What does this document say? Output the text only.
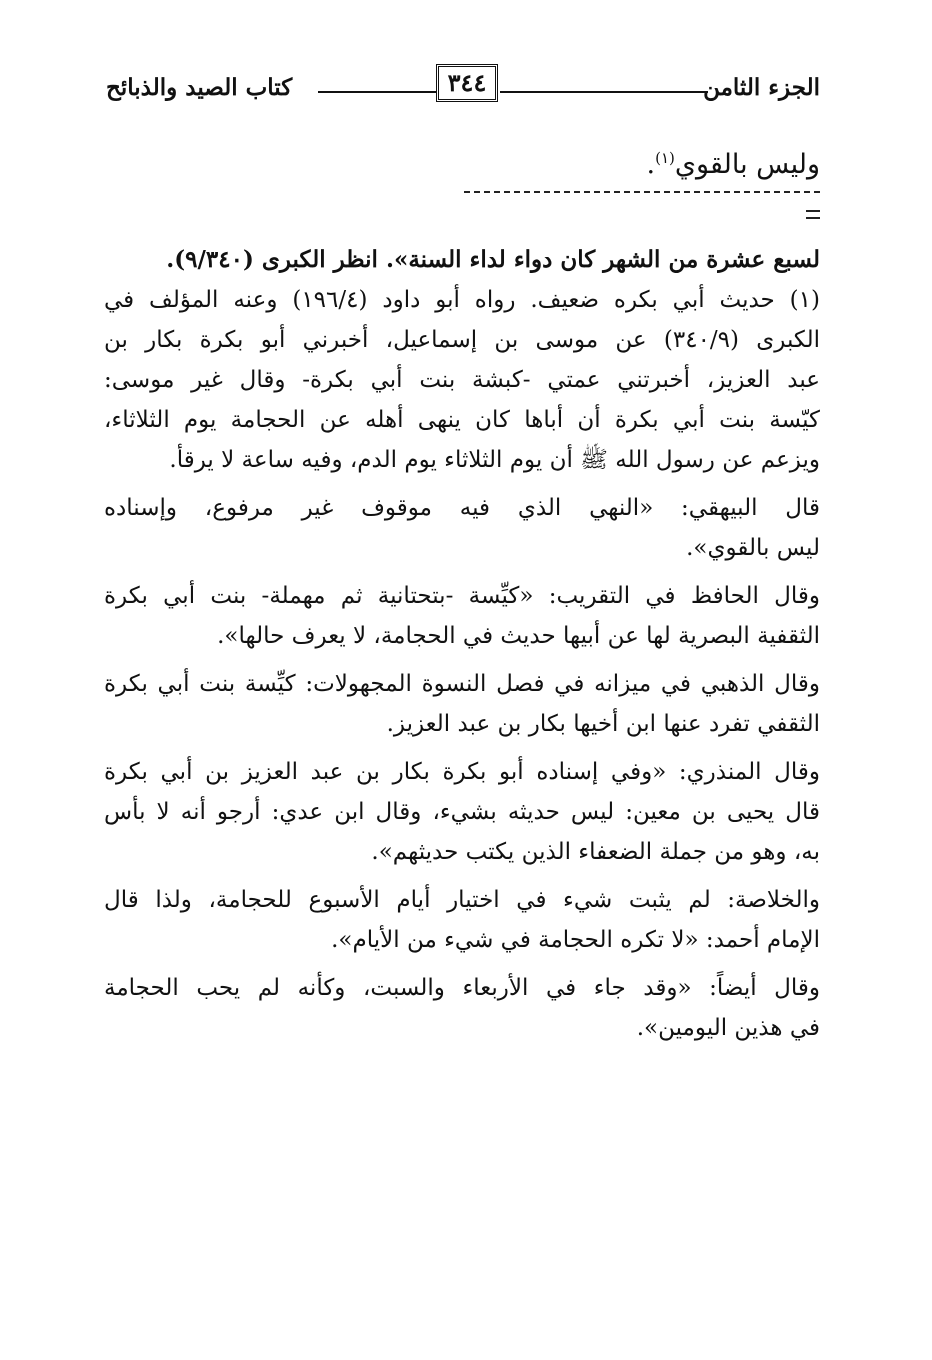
الجزء الثامن
٣٤٤
كتاب الصيد والذبائح
وليس بالقوي$^{(١)}$.
لسبع عشرة من الشهر كان دواء لداء السنة». انظر الكبرى (٩/٣٤٠).
(١) حديث أبي بكره ضعيف. رواه أبو داود (١٩٦/٤) وعنه المؤلف في
الكبرى (٣٤٠/٩) عن موسى بن إسماعيل، أخبرني أبو بكرة بكار بن
عبد العزيز، أخبرتني عمتي -كبشة بنت أبي بكرة- وقال غير موسى:
كيّسة بنت أبي بكرة أن أباها كان ينهى أهله عن الحجامة يوم الثلاثاء،
ويزعم عن رسول الله ﷺ أن يوم الثلاثاء يوم الدم، وفيه ساعة لا يرقأ.
قال البيهقي: «النهي الذي فيه موقوف غير مرفوع، وإسناده
ليس بالقوي».
وقال الحافظ في التقريب: «كيِّسة -بتحتانية ثم مهملة- بنت أبي بكرة
الثقفية البصرية لها عن أبيها حديث في الحجامة، لا يعرف حالها».
وقال الذهبي في ميزانه في فصل النسوة المجهولات: كيِّسة بنت أبي بكرة
الثقفي تفرد عنها ابن أخيها بكار بن عبد العزيز.
وقال المنذري: «وفي إسناده أبو بكرة بكار بن عبد العزيز بن أبي بكرة
قال يحيى بن معين: ليس حديثه بشيء، وقال ابن عدي: أرجو أنه لا بأس
به، وهو من جملة الضعفاء الذين يكتب حديثهم».
والخلاصة: لم يثبت شيء في اختيار أيام الأسبوع للحجامة، ولذا قال
الإمام أحمد: «لا تكره الحجامة في شيء من الأيام».
وقال أيضاً: «وقد جاء في الأربعاء والسبت، وكأنه لم يحب الحجامة
في هذين اليومين».
